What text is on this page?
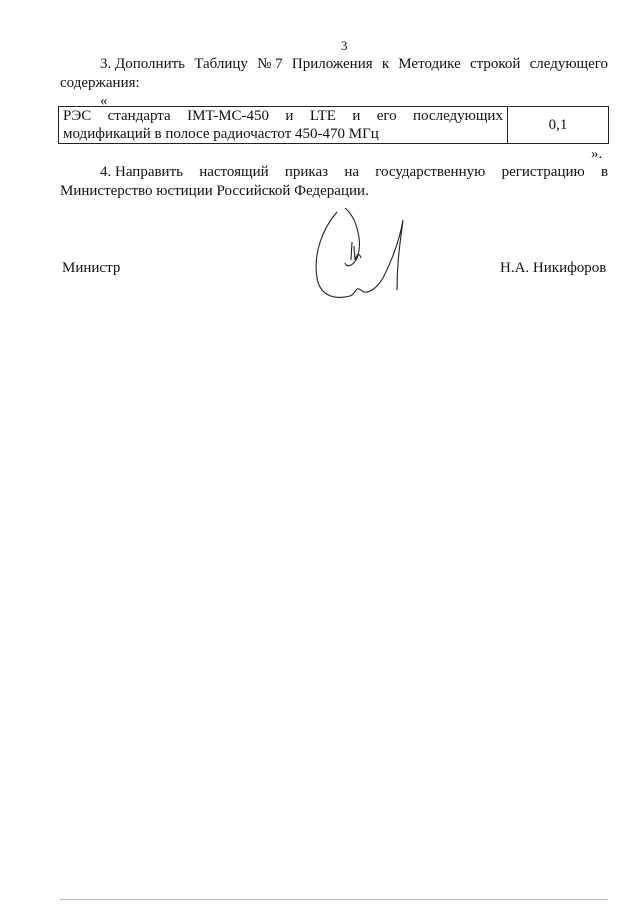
3
3. Дополнить Таблицу № 7 Приложения к Методике строкой следующего
содержания:
«
РЭС стандарта IMT-MC-450 и LTE и его последующих
модификаций в полосе радиочастот 450-470 МГц
	0,1
».
4. Направить настоящий приказ на государственную регистрацию в
Министерство юстиции Российской Федерации.
Министр	Н.А. Никифоров
